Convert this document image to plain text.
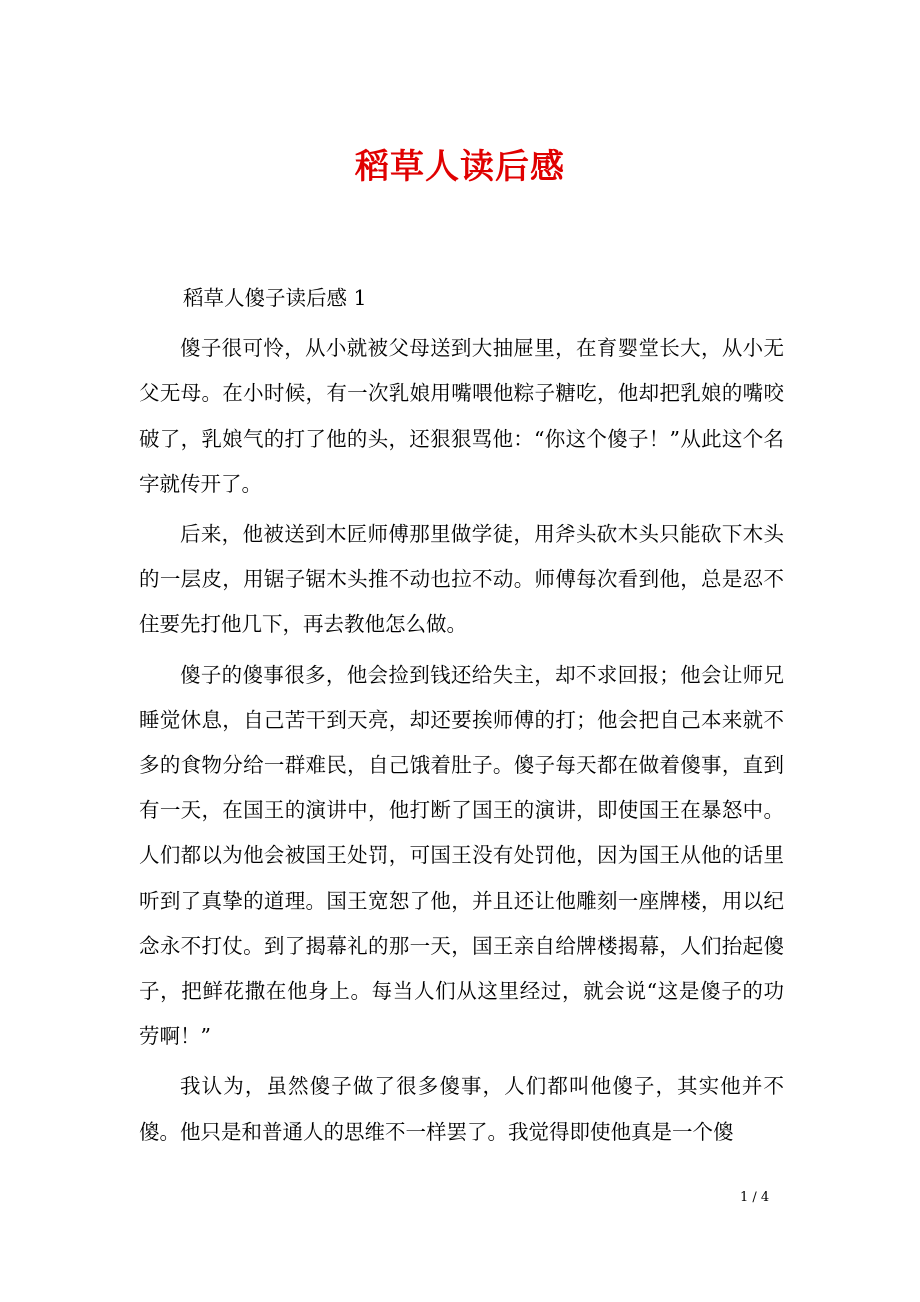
稻草人读后感

稻草人傻子读后感 1

傻子很可怜，从小就被父母送到大抽屉里，在育婴堂长大，从小无父无母。在小时候，有一次乳娘用嘴喂他粽子糖吃，他却把乳娘的嘴咬破了，乳娘气的打了他的头，还狠狠骂他：“你这个傻子！”从此这个名字就传开了。

后来，他被送到木匠师傅那里做学徒，用斧头砍木头只能砍下木头的一层皮，用锯子锯木头推不动也拉不动。师傅每次看到他，总是忍不住要先打他几下，再去教他怎么做。

傻子的傻事很多，他会捡到钱还给失主，却不求回报；他会让师兄睡觉休息，自己苦干到天亮，却还要挨师傅的打；他会把自己本来就不多的食物分给一群难民，自己饿着肚子。傻子每天都在做着傻事，直到有一天，在国王的演讲中，他打断了国王的演讲，即使国王在暴怒中。人们都以为他会被国王处罚，可国王没有处罚他，因为国王从他的话里听到了真挚的道理。国王宽恕了他，并且还让他雕刻一座牌楼，用以纪念永不打仗。到了揭幕礼的那一天，国王亲自给牌楼揭幕，人们抬起傻子，把鲜花撒在他身上。每当人们从这里经过，就会说“这是傻子的功劳啊！”

我认为，虽然傻子做了很多傻事，人们都叫他傻子，其实他并不傻。他只是和普通人的思维不一样罢了。我觉得即使他真是一个傻

1 / 4
